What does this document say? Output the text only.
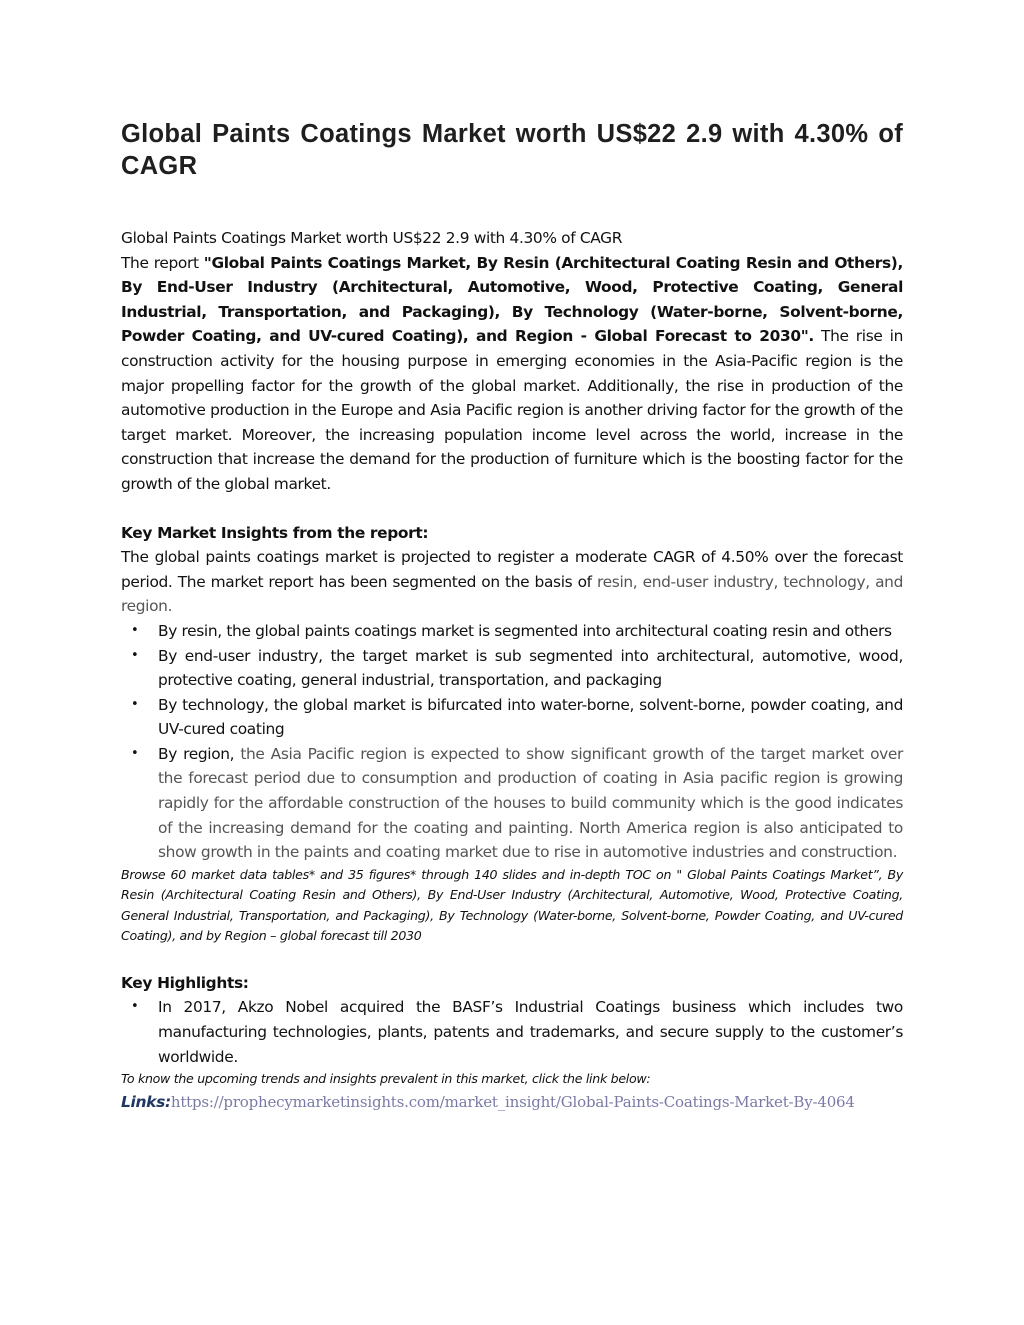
Global Paints Coatings Market worth US$22 2.9 with 4.30% of CAGR
Global Paints Coatings Market worth US$22 2.9 with 4.30% of CAGR
The report "Global Paints Coatings Market, By Resin (Architectural Coating Resin and Others), By End-User Industry (Architectural, Automotive, Wood, Protective Coating, General Industrial, Transportation, and Packaging), By Technology (Water-borne, Solvent-borne, Powder Coating, and UV-cured Coating), and Region - Global Forecast to 2030". The rise in construction activity for the housing purpose in emerging economies in the Asia-Pacific region is the major propelling factor for the growth of the global market. Additionally, the rise in production of the automotive production in the Europe and Asia Pacific region is another driving factor for the growth of the target market. Moreover, the increasing population income level across the world, increase in the construction that increase the demand for the production of furniture which is the boosting factor for the growth of the global market.
Key Market Insights from the report:
The global paints coatings market is projected to register a moderate CAGR of 4.50% over the forecast period. The market report has been segmented on the basis of resin, end-user industry, technology, and region.
• By resin, the global paints coatings market is segmented into architectural coating resin and others
• By end-user industry, the target market is sub segmented into architectural, automotive, wood, protective coating, general industrial, transportation, and packaging
• By technology, the global market is bifurcated into water-borne, solvent-borne, powder coating, and UV-cured coating
• By region, the Asia Pacific region is expected to show significant growth of the target market over the forecast period due to consumption and production of coating in Asia pacific region is growing rapidly for the affordable construction of the houses to build community which is the good indicates of the increasing demand for the coating and painting. North America region is also anticipated to show growth in the paints and coating market due to rise in automotive industries and construction.
Browse 60 market data tables* and 35 figures* through 140 slides and in-depth TOC on " Global Paints Coatings Market”, By Resin (Architectural Coating Resin and Others), By End-User Industry (Architectural, Automotive, Wood, Protective Coating, General Industrial, Transportation, and Packaging), By Technology (Water-borne, Solvent-borne, Powder Coating, and UV-cured Coating), and by Region – global forecast till 2030
Key Highlights:
• In 2017, Akzo Nobel acquired the BASF’s Industrial Coatings business which includes two manufacturing technologies, plants, patents and trademarks, and secure supply to the customer’s worldwide.
To know the upcoming trends and insights prevalent in this market, click the link below:
Links:https://prophecymarketinsights.com/market_insight/Global-Paints-Coatings-Market-By-4064
